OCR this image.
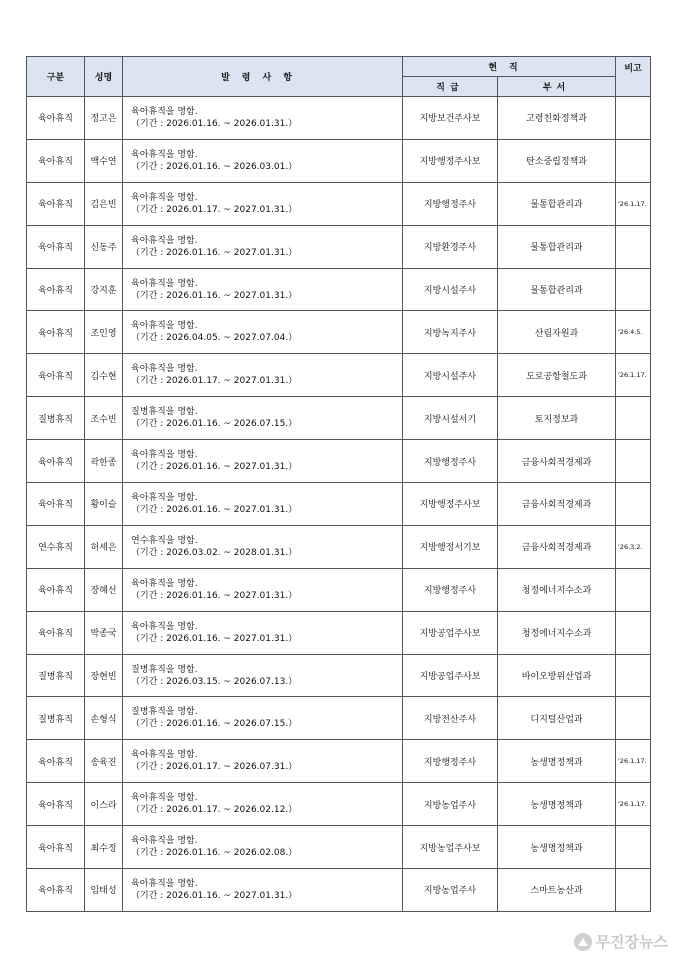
구분	성명	발령사항	현직		비고
			직급	부서	
육아휴직	정고은	육아휴직을 명함.
（기간 : 2026.01.16. ~ 2026.01.31.）	지방보건주사보	고령친화정책과	
육아휴직	백수연	육아휴직을 명함.
（기간 : 2026.01.16. ~ 2026.03.01.）	지방행정주사보	탄소중립정책과	
육아휴직	김은빈	육아휴직을 명함.
（기간 : 2026.01.17. ~ 2027.01.31.）	지방행정주사	물통합관리과	'26.1.17.
육아휴직	신동주	육아휴직을 명함.
（기간 : 2026.01.16. ~ 2027.01.31.）	지방환경주사	물통합관리과	
육아휴직	강지훈	육아휴직을 명함.
（기간 : 2026.01.16. ~ 2027.01.31.）	지방시설주사	물통합관리과	
육아휴직	조인영	육아휴직을 명함.
（기간 : 2026.04.05. ~ 2027.07.04.）	지방녹지주사	산림자원과	'26.4.5.
육아휴직	김수현	육아휴직을 명함.
（기간 : 2026.01.17. ~ 2027.01.31.）	지방시설주사	도로공항철도과	'26.1.17.
질병휴직	조수빈	질병휴직을 명함.
（기간 : 2026.01.16. ~ 2026.07.15.）	지방시설서기	토지정보과	
육아휴직	곽한종	육아휴직을 명함.
（기간 : 2026.01.16. ~ 2027.01.31.）	지방행정주사	금융사회적경제과	
육아휴직	황이슬	육아휴직을 명함.
（기간 : 2026.01.16. ~ 2027.01.31.）	지방행정주사보	금융사회적경제과	
연수휴직	허세은	연수휴직을 명함.
（기간 : 2026.03.02. ~ 2028.01.31.）	지방행정서기보	금융사회적경제과	'26.3.2.
육아휴직	장혜선	육아휴직을 명함.
（기간 : 2026.01.16. ~ 2027.01.31.）	지방행정주사	청정에너지수소과	
육아휴직	박종국	육아휴직을 명함.
（기간 : 2026.01.16. ~ 2027.01.31.）	지방공업주사보	청정에너지수소과	
질병휴직	장현빈	질병휴직을 명함.
（기간 : 2026.03.15. ~ 2026.07.13.）	지방공업주사보	바이오방위산업과	
질병휴직	손형식	질병휴직을 명함.
（기간 : 2026.01.16. ~ 2026.07.15.）	지방전산주사	디지털산업과	
육아휴직	송육진	육아휴직을 명함.
（기간 : 2026.01.17. ~ 2026.07.31.）	지방행정주사	농생명정책과	'26.1.17.
육아휴직	이스라	육아휴직을 명함.
（기간 : 2026.01.17. ~ 2026.02.12.）	지방농업주사	농생명정책과	'26.1.17.
육아휴직	최수정	육아휴직을 명함.
（기간 : 2026.01.16. ~ 2026.02.08.）	지방농업주사보	농생명정책과	
육아휴직	임태성	육아휴직을 명함.
（기간 : 2026.01.16. ~ 2027.01.31.）	지방농업주사	스마트농산과	
무진장뉴스
